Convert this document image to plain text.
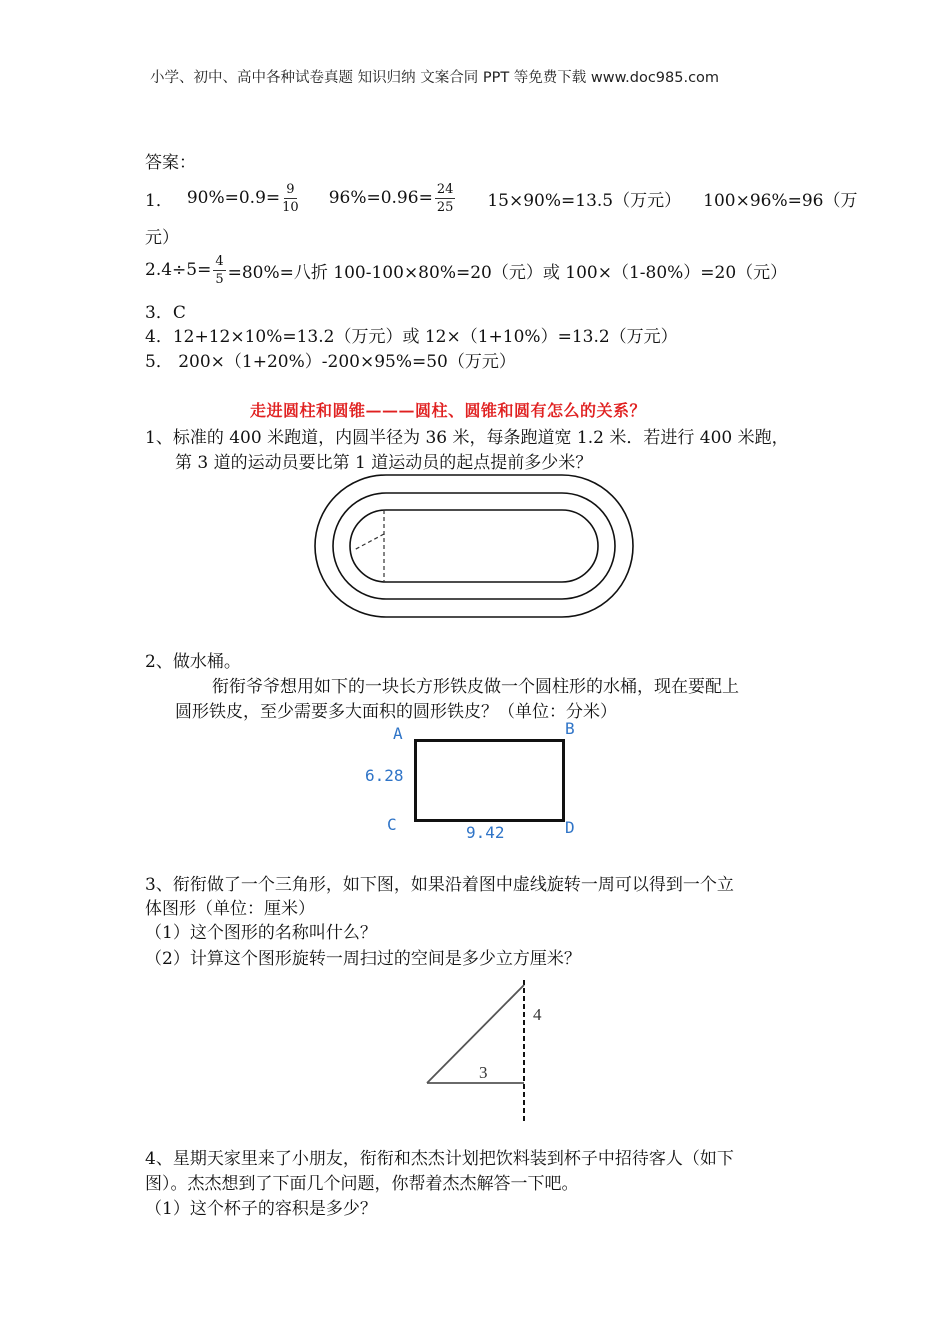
小学、初中、高中各种试卷真题 知识归纳 文案合同 PPT 等免费下载 www.doc985.com
答案：
1． $90\%=0.9= \frac{9}{10} 96\%=0.96= \frac{24}{25} 15\times 90\%=13.5$（万元） 100×96%=96（万
元）
$2.4\div 5= \frac{4}{5} =80\%=$八折 100-100×80%=20（元）或 100×（1-80%）=20（元）
3．C
4．12+12×10%=13.2（万元）或 12×（1+10%）=13.2（万元）
5． 200×（1+20%）-200×95%=50（万元）
走进圆柱和圆锥———圆柱、圆锥和圆有怎么的关系？
1、标准的 400 米跑道，内圆半径为 36 米，每条跑道宽 1.2 米．若进行 400 米跑，
第 3 道的运动员要比第 1 道运动员的起点提前多少米？
2、做水桶。
衔衔爷爷想用如下的一块长方形铁皮做一个圆柱形的水桶，现在要配上
圆形铁皮，至少需要多大面积的圆形铁皮？（单位：分米）
A	B
C	D
6.28
9.42
3、衔衔做了一个三角形，如下图，如果沿着图中虚线旋转一周可以得到一个立
体图形（单位：厘米）
（1）这个图形的名称叫什么？
（2）计算这个图形旋转一周扫过的空间是多少立方厘米？
4
3
4、星期天家里来了小朋友，衔衔和杰杰计划把饮料装到杯子中招待客人（如下
图）。杰杰想到了下面几个问题，你帮着杰杰解答一下吧。
（1）这个杯子的容积是多少？
